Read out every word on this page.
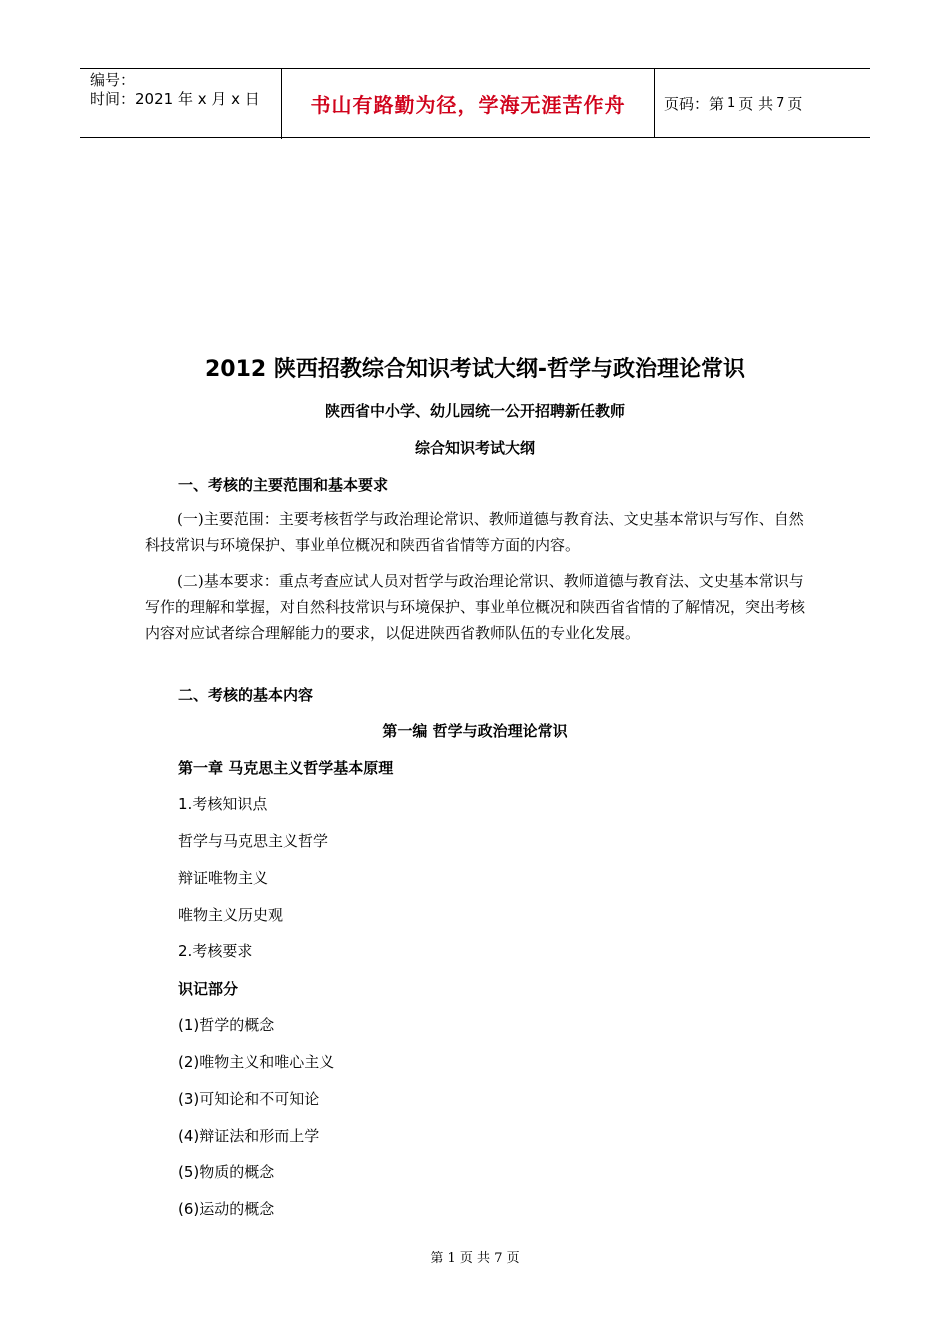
编号：
时间：2021 年 x 月 x 日	书山有路勤为径，学海无涯苦作舟	页码：第 1 页 共 7 页
2012 陕西招教综合知识考试大纲-哲学与政治理论常识
陕西省中小学、幼儿园统一公开招聘新任教师
综合知识考试大纲
一、考核的主要范围和基本要求

(一)主要范围：主要考核哲学与政治理论常识、教师道德与教育法、文史基本常识与写作、自然科技常识与环境保护、事业单位概况和陕西省省情等方面的内容。

(二)基本要求：重点考查应试人员对哲学与政治理论常识、教师道德与教育法、文史基本常识与写作的理解和掌握，对自然科技常识与环境保护、事业单位概况和陕西省省情的了解情况，突出考核内容对应试者综合理解能力的要求，以促进陕西省教师队伍的专业化发展。

二、考核的基本内容
第一编 哲学与政治理论常识
第一章 马克思主义哲学基本原理
1.考核知识点
哲学与马克思主义哲学
辩证唯物主义
唯物主义历史观
2.考核要求
识记部分
(1)哲学的概念
(2)唯物主义和唯心主义
(3)可知论和不可知论
(4)辩证法和形而上学
(5)物质的概念
(6)运动的概念
第 1 页 共 7 页
